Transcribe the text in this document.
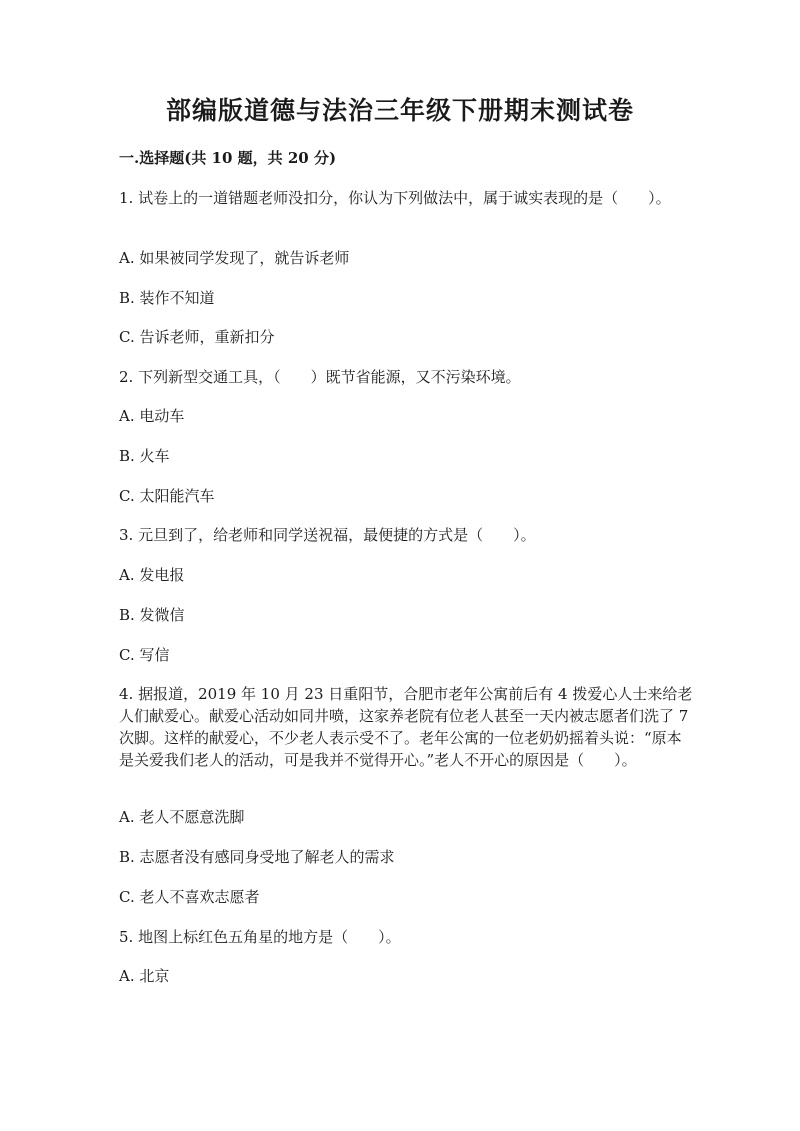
部编版道德与法治三年级下册期末测试卷
一.选择题(共 10 题，共 20 分)
1. 试卷上的一道错题老师没扣分，你认为下列做法中，属于诚实表现的是（　　）。
A. 如果被同学发现了，就告诉老师
B. 装作不知道
C. 告诉老师，重新扣分
2. 下列新型交通工具，（　　）既节省能源，又不污染环境。
A. 电动车
B. 火车
C. 太阳能汽车
3. 元旦到了，给老师和同学送祝福，最便捷的方式是（　　）。
A. 发电报
B. 发微信
C. 写信
4. 据报道，2019 年 10 月 23 日重阳节，合肥市老年公寓前后有 4 拨爱心人士来给老人们献爱心。献爱心活动如同井喷，这家养老院有位老人甚至一天内被志愿者们洗了 7 次脚。这样的献爱心，不少老人表示受不了。老年公寓的一位老奶奶摇着头说：“原本是关爱我们老人的活动，可是我并不觉得开心。”老人不开心的原因是（　　）。
A. 老人不愿意洗脚
B. 志愿者没有感同身受地了解老人的需求
C. 老人不喜欢志愿者
5. 地图上标红色五角星的地方是（　　）。
A. 北京
